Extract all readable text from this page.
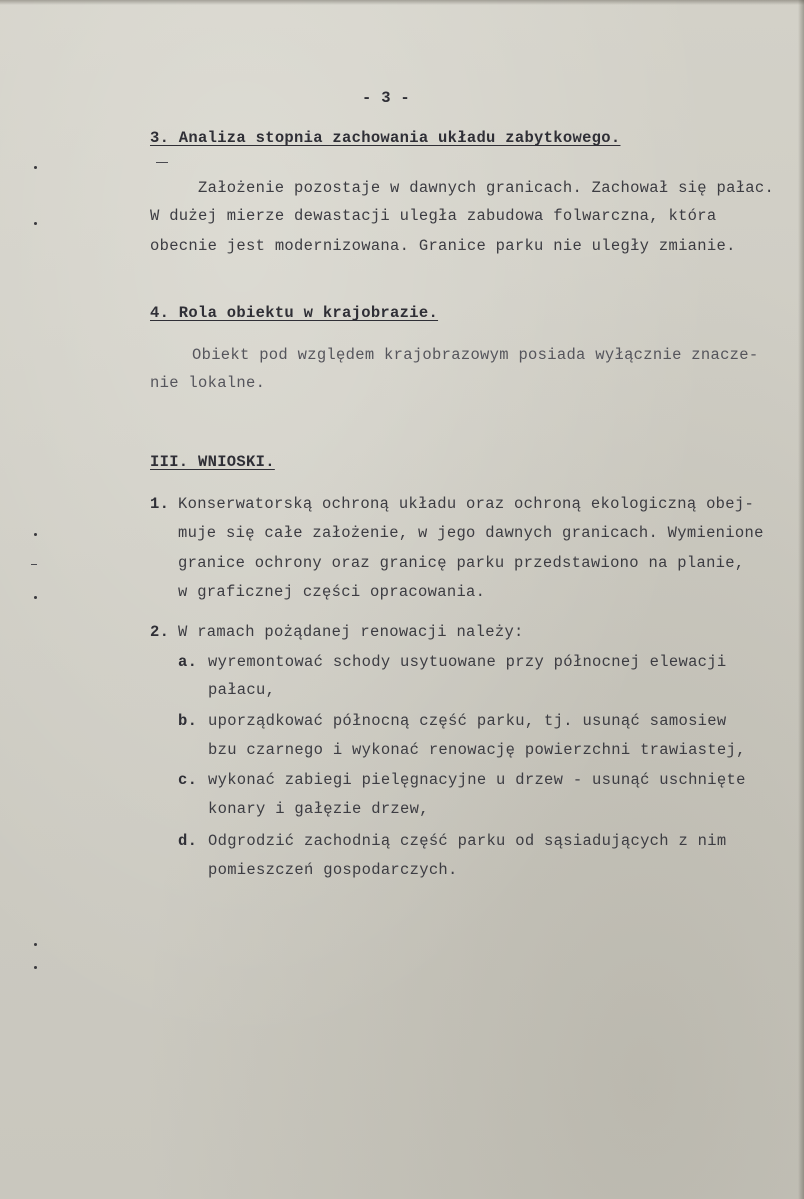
- 3 -
3. Analiza stopnia zachowania układu zabytkowego.
Założenie pozostaje w dawnych granicach. Zachował się pałac.
W dużej mierze dewastacji uległa zabudowa folwarczna, która
obecnie jest modernizowana. Granice parku nie uległy zmianie.
4. Rola obiektu w krajobrazie.
Obiekt pod względem krajobrazowym posiada wyłącznie znacze-
nie lokalne.
III. WNIOSKI.
1. Konserwatorską ochroną układu oraz ochroną ekologiczną obej-
muje się całe założenie, w jego dawnych granicach. Wymienione
granice ochrony oraz granicę parku przedstawiono na planie,
w graficznej części opracowania.
2. W ramach pożądanej renowacji należy:
a. wyremontować schody usytuowane przy północnej elewacji
pałacu,
b. uporządkować północną część parku, tj. usunąć samosiew
bzu czarnego i wykonać renowację powierzchni trawiastej,
c. wykonać zabiegi pielęgnacyjne u drzew - usunąć uschnięte
konary i gałęzie drzew,
d. Odgrodzić zachodnią część parku od sąsiadujących z nim
pomieszczeń gospodarczych.
